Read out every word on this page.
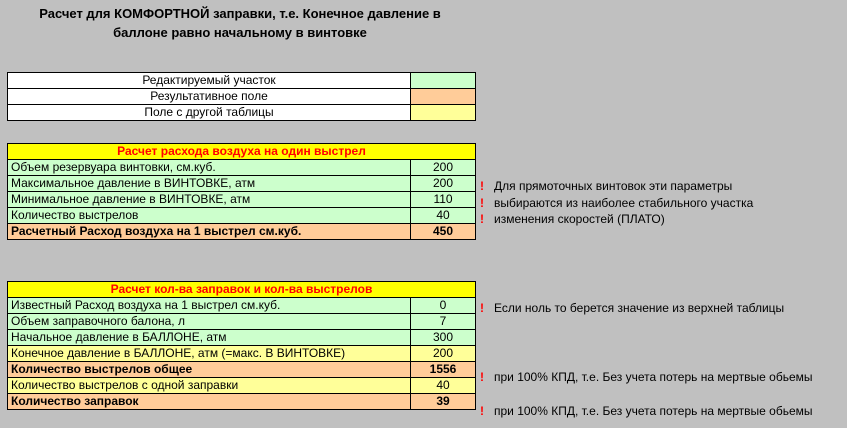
Расчет для КОМФОРТНОЙ заправки, т.е. Конечное давление в
баллоне равно начальному в винтовке
Редактируемый участок	
Результативное поле	
Поле с другой таблицы	
Расчет расхода воздуха на один выстрел	
Объем резервуара винтовки, см.куб.	200
Максимальное давление в ВИНТОВКЕ, атм	200
Минимальное давление в ВИНТОВКЕ, атм	110
Количество выстрелов	40
Расчетный Расход воздуха на 1 выстрел см.куб.	450
Расчет кол-ва заправок и кол-ва выстрелов	
Известный Расход воздуха на 1 выстрел см.куб.	0
Объем заправочного балона, л	7
Начальное давление в БАЛЛОНЕ, атм	300
Конечное давление в БАЛЛОНЕ, атм (=макс. В ВИНТОВКЕ)	200
Количество выстрелов общее	1556
Количество выстрелов с одной заправки	40
Количество заправок	39
! Для прямоточных винтовок эти параметры
! выбираются из наиболее стабильного участка
! изменения скоростей (ПЛАТО)
! Если ноль то берется значение из верхней таблицы
! при 100% КПД, т.е. Без учета потерь на мертвые обьемы
! при 100% КПД, т.е. Без учета потерь на мертвые обьемы
